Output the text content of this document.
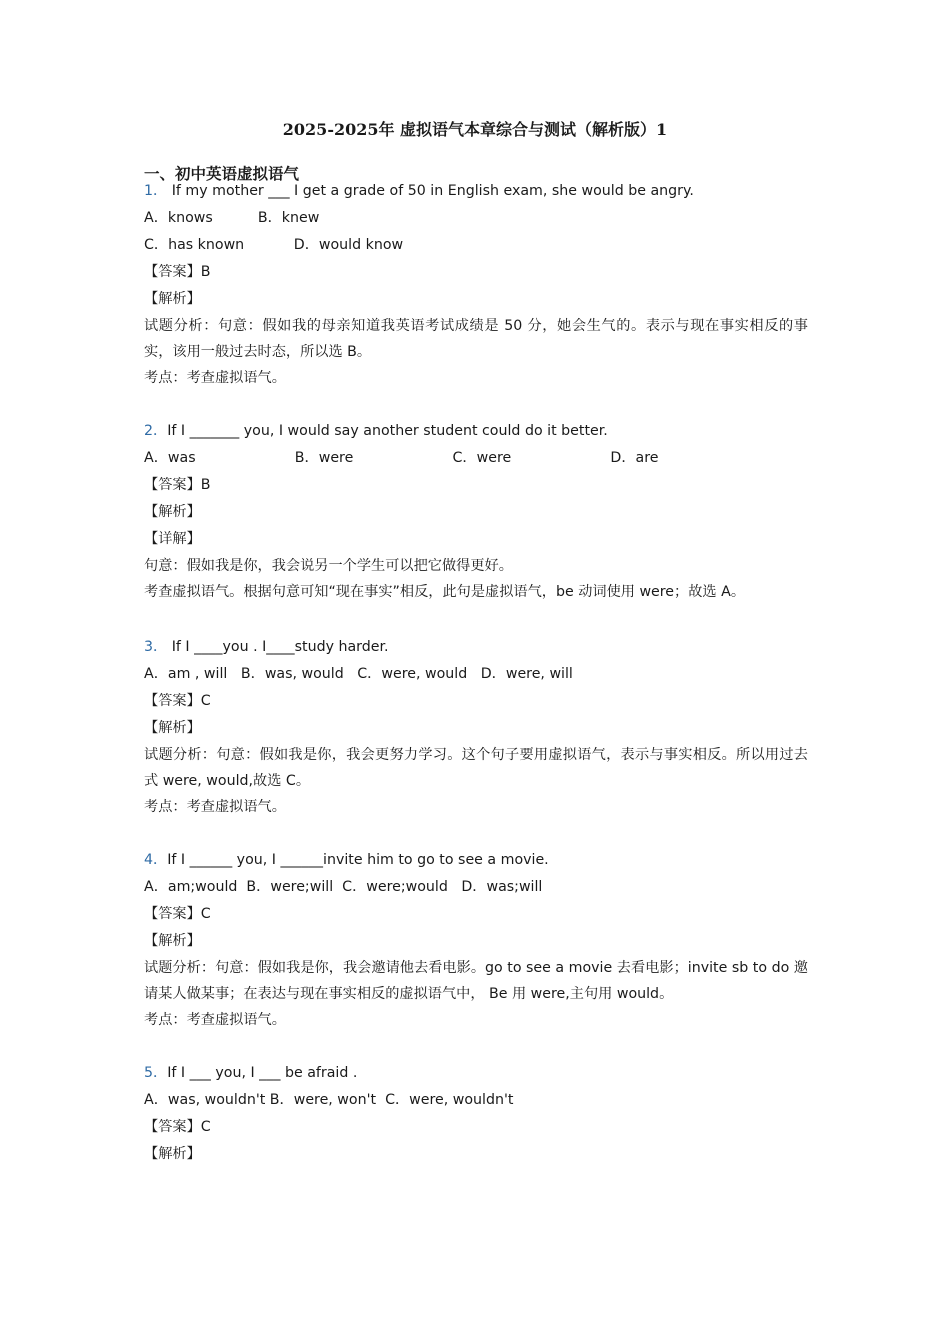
2025-2025年 虚拟语气本章综合与测试（解析版）1
一、初中英语虚拟语气
1． If my mother ___ I get a grade of 50 in English exam, she would be angry.
A．knows          B．knew
C．has known           D．would know
【答案】B
【解析】
试题分析：句意：假如我的母亲知道我英语考试成绩是 50 分，她会生气的。表示与现在事实相反的事实，该用一般过去时态，所以选 B。
考点：考查虚拟语气。
2．If I _______ you, I would say another student could do it better.
A．was                      B．were                      C．were                      D．are
【答案】B
【解析】
【详解】
句意：假如我是你，我会说另一个学生可以把它做得更好。
考查虚拟语气。根据句意可知“现在事实”相反，此句是虚拟语气，be 动词使用 were；故选 A。
3． If I ____you . I____study harder.
A．am , will   B．was, would   C．were, would   D．were, will
【答案】C
【解析】
试题分析：句意：假如我是你，我会更努力学习。这个句子要用虚拟语气，表示与事实相反。所以用过去式 were, would,故选 C。
考点：考查虚拟语气。
4．If I ______ you, I ______invite him to go to see a movie.
A．am;would  B．were;will  C．were;would   D．was;will
【答案】C
【解析】
试题分析：句意：假如我是你，我会邀请他去看电影。go to see a movie 去看电影；invite sb to do 邀请某人做某事；在表达与现在事实相反的虚拟语气中， Be 用 were,主句用 would。
考点：考查虚拟语气。
5．If I ___ you, I ___ be afraid .
A．was, wouldn't B．were, won't  C．were, wouldn't
【答案】C
【解析】
